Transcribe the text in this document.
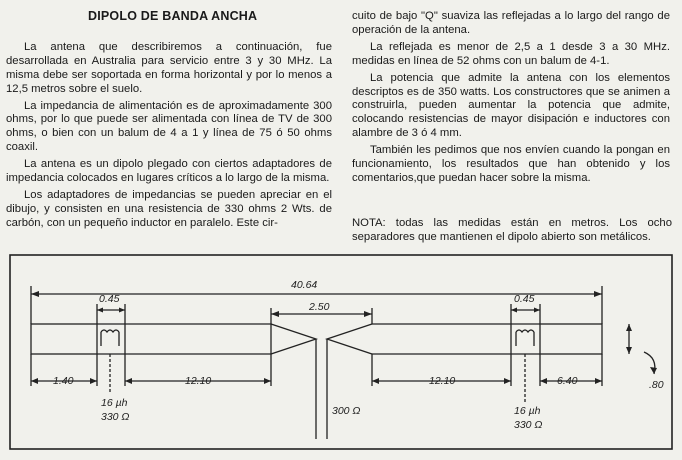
DIPOLO DE BANDA ANCHA

La antena que describiremos a continuación, fue desarrollada en Australia para servicio entre 3 y 30 MHz. La misma debe ser soportada en forma horizontal y por lo menos a 12,5 metros sobre el suelo.

La impedancia de alimentación es de aproximadamente 300 ohms, por lo que puede ser alimentada con línea de TV de 300 ohms, o bien con un balum de 4 a 1 y línea de 75 ó 50 ohms coaxil.

La antena es un dipolo plegado con ciertos adaptadores de impedancia colocados en lugares críticos a lo largo de la misma.

Los adaptadores de impedancias se pueden apreciar en el dibujo, y consisten en una resistencia de 330 ohms 2 Wts. de carbón, con un pequeño inductor en paralelo. Este cir-

cuito de bajo "Q" suaviza las reflejadas a lo largo del rango de operación de la antena.

La reflejada es menor de 2,5 a 1 desde 3 a 30 MHz. medidas en línea de 52 ohms con un balum de 4-1.

La potencia que admite la antena con los elementos descriptos es de 350 watts. Los constructores que se animen a construirla, pueden aumentar la potencia que admite, colocando resistencias de mayor disipación e inductores con alambre de 3 ó 4 mm.

También les pedimos que nos envíen cuando la pongan en funcionamiento, los resultados que han obtenido y los comentarios,que puedan hacer sobre la misma.

NOTA: todas las medidas están en metros. Los ocho separadores que mantienen el dipolo abierto son metálicos.
40.64
2.50
0.45	0.45
1.40	12.10	12.10	6.40	.80
16 µh
330 Ω	16 µh
330 Ω
300 Ω
